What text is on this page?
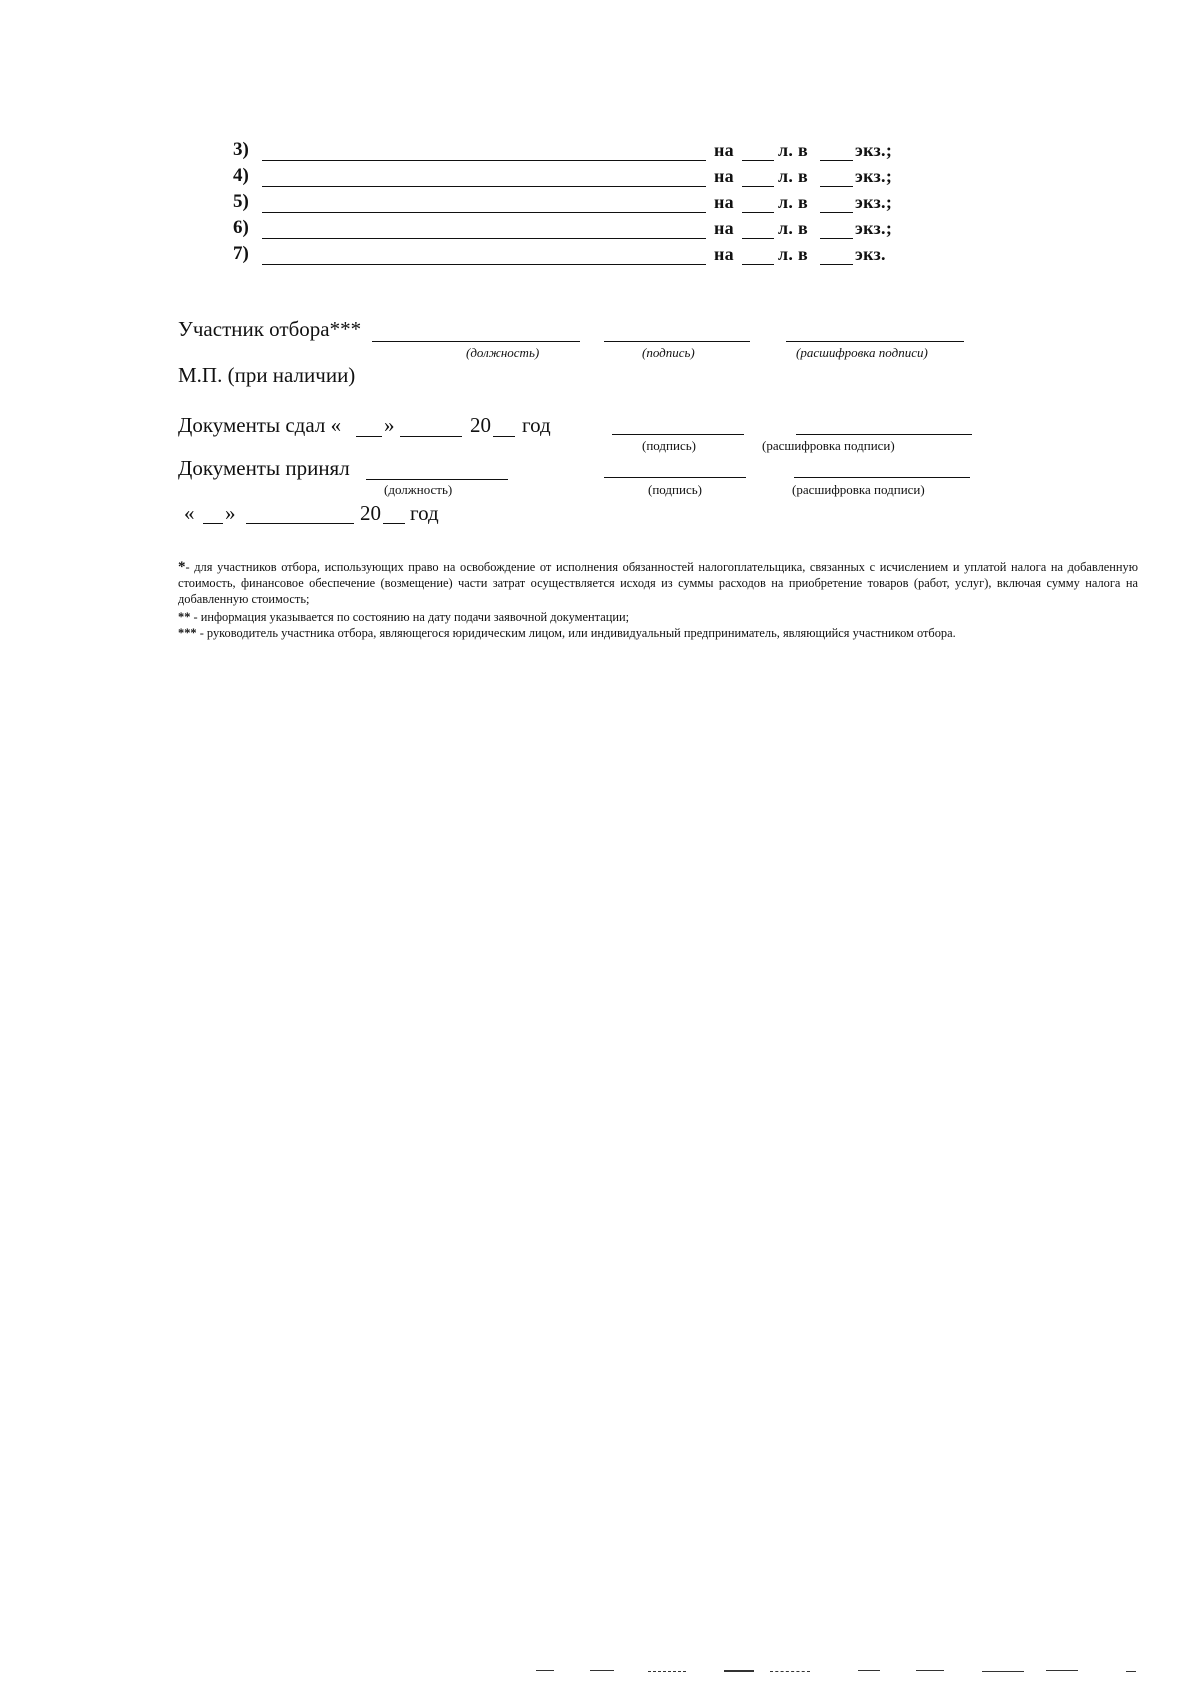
3)	на л. в	экз.;
4)	на л. в	экз.;
5)	на л. в	экз.;
6)	на л. в	экз.;
7)	на л. в	экз.
Участник отбора***
(должность)	(подпись)	(расшифровка подписи)
М.П. (при наличии)
Документы сдал « »	20 год
(подпись)	(расшифровка подписи)
Документы принял
(должность)	(подпись)	(расшифровка подписи)
« »	20 год
*- для участников отбора, использующих право на освобождение от исполнения обязанностей налогоплательщика, связанных с исчислением и уплатой налога на добавленную стоимость, финансовое обеспечение (возмещение) части затрат осуществляется исходя из суммы расходов на приобретение товаров (работ, услуг), включая сумму налога на добавленную стоимость;
** - информация указывается по состоянию на дату подачи заявочной документации;
*** - руководитель участника отбора, являющегося юридическим лицом, или индивидуальный предприниматель, являющийся участником отбора.
